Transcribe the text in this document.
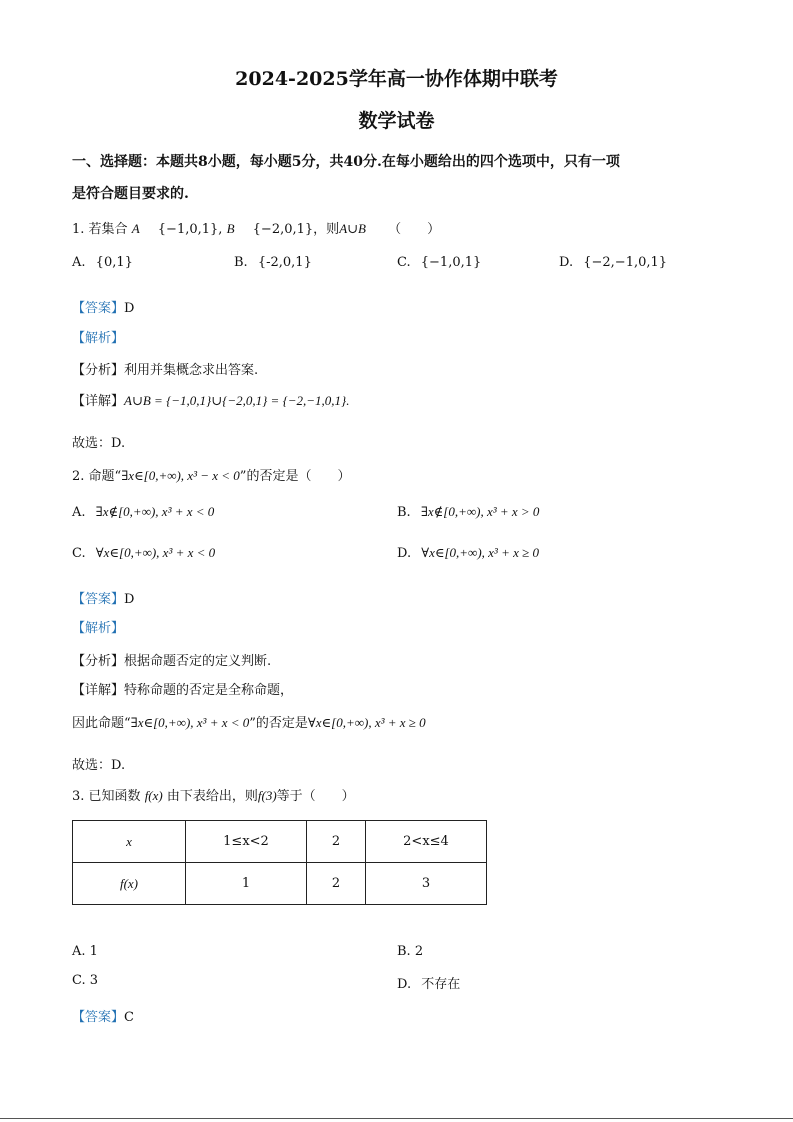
2024-2025学年高一协作体期中联考
数学试卷
一、选择题：本题共8小题，每小题5分，共40分.在每小题给出的四个选项中，只有一项
是符合题目要求的.
1. 若集合 A {−1,0,1}, B {−2,0,1}，则A∪B （　　）
A. {0,1}	B. {-2,0,1}	C. {−1,0,1}	D. {−2,−1,0,1}
【答案】D
【解析】
【分析】利用并集概念求出答案.
【详解】A∪B = {−1,0,1}∪{−2,0,1} = {−2,−1,0,1}.
故选：D.
2. 命题“∃x∈[0,+∞), x³ − x < 0”的否定是（　　）
A. ∃x∉[0,+∞), x³ + x < 0	B. ∃x∉[0,+∞), x³ + x > 0
C. ∀x∈[0,+∞), x³ + x < 0	D. ∀x∈[0,+∞), x³ + x ≥ 0
【答案】D
【解析】
【分析】根据命题否定的定义判断.
【详解】特称命题的否定是全称命题，
因此命题“∃x∈[0,+∞), x³ + x < 0”的否定是∀x∈[0,+∞), x³ + x ≥ 0
故选：D.
3. 已知函数 f(x) 由下表给出，则f(3)等于（　　）
x	1≤x<2	2	2<x≤4
f(x)	1	2	3
A. 1	B. 2
C. 3	D. 不存在
【答案】C
